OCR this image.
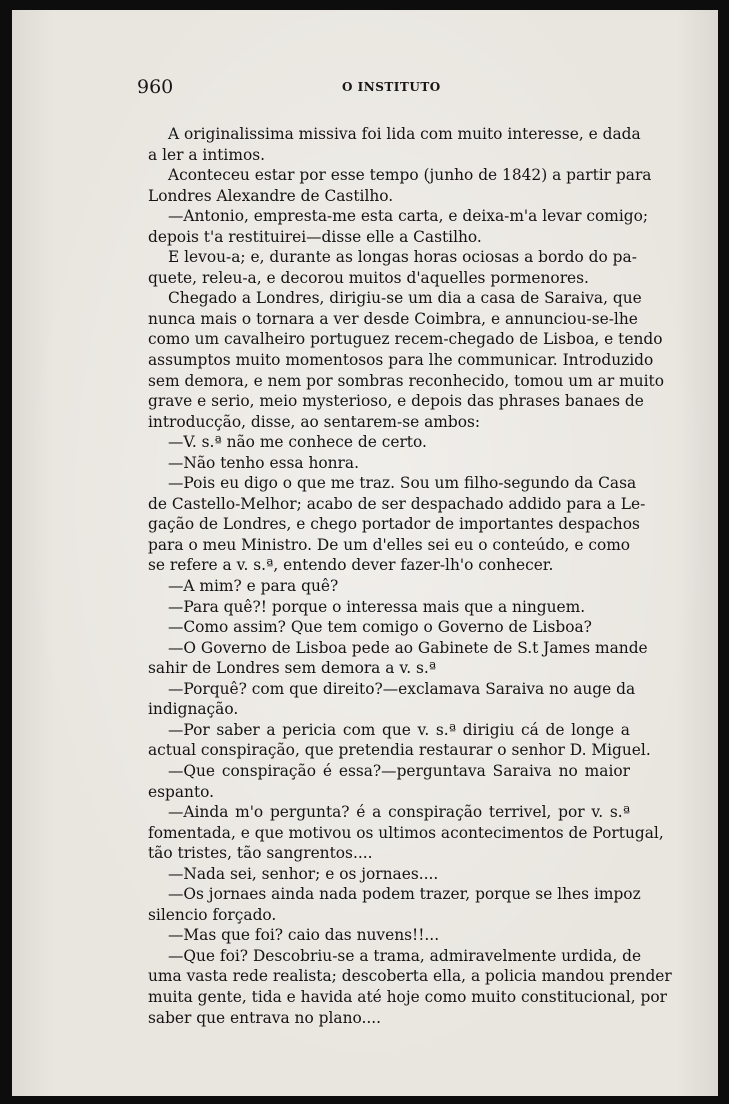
960	O INSTITUTO
A originalissima missiva foi lida com muito interesse, e dada
a ler a intimos.
Aconteceu estar por esse tempo (junho de 1842) a partir para
Londres Alexandre de Castilho.
—Antonio, empresta-me esta carta, e deixa-m'a levar comigo;
depois t'a restituirei—disse elle a Castilho.
E levou-a; e, durante as longas horas ociosas a bordo do pa-
quete, releu-a, e decorou muitos d'aquelles pormenores.
Chegado a Londres, dirigiu-se um dia a casa de Saraiva, que
nunca mais o tornara a ver desde Coimbra, e annunciou-se-lhe
como um cavalheiro portuguez recem-chegado de Lisboa, e tendo
assumptos muito momentosos para lhe communicar. Introduzido
sem demora, e nem por sombras reconhecido, tomou um ar muito
grave e serio, meio mysterioso, e depois das phrases banaes de
introducção, disse, ao sentarem-se ambos:
—V. s.ª não me conhece de certo.
—Não tenho essa honra.
—Pois eu digo o que me traz. Sou um filho-segundo da Casa
de Castello-Melhor; acabo de ser despachado addido para a Le-
gação de Londres, e chego portador de importantes despachos
para o meu Ministro. De um d'elles sei eu o conteúdo, e como
se refere a v. s.ª, entendo dever fazer-lh'o conhecer.
—A mim? e para quê?
—Para quê?! porque o interessa mais que a ninguem.
—Como assim? Que tem comigo o Governo de Lisboa?
—O Governo de Lisboa pede ao Gabinete de S.t James mande
sahir de Londres sem demora a v. s.ª
—Porquê? com que direito?—exclamava Saraiva no auge da
indignação.
—Por saber a pericia com que v. s.ª dirigiu cá de longe a
actual conspiração, que pretendia restaurar o senhor D. Miguel.
—Que conspiração é essa?—perguntava Saraiva no maior
espanto.
—Ainda m'o pergunta? é a conspiração terrivel, por v. s.ª
fomentada, e que motivou os ultimos acontecimentos de Portugal,
tão tristes, tão sangrentos....
—Nada sei, senhor; e os jornaes....
—Os jornaes ainda nada podem trazer, porque se lhes impoz
silencio forçado.
—Mas que foi? caio das nuvens!!...
—Que foi? Descobriu-se a trama, admiravelmente urdida, de
uma vasta rede realista; descoberta ella, a policia mandou prender
muita gente, tida e havida até hoje como muito constitucional, por
saber que entrava no plano....
